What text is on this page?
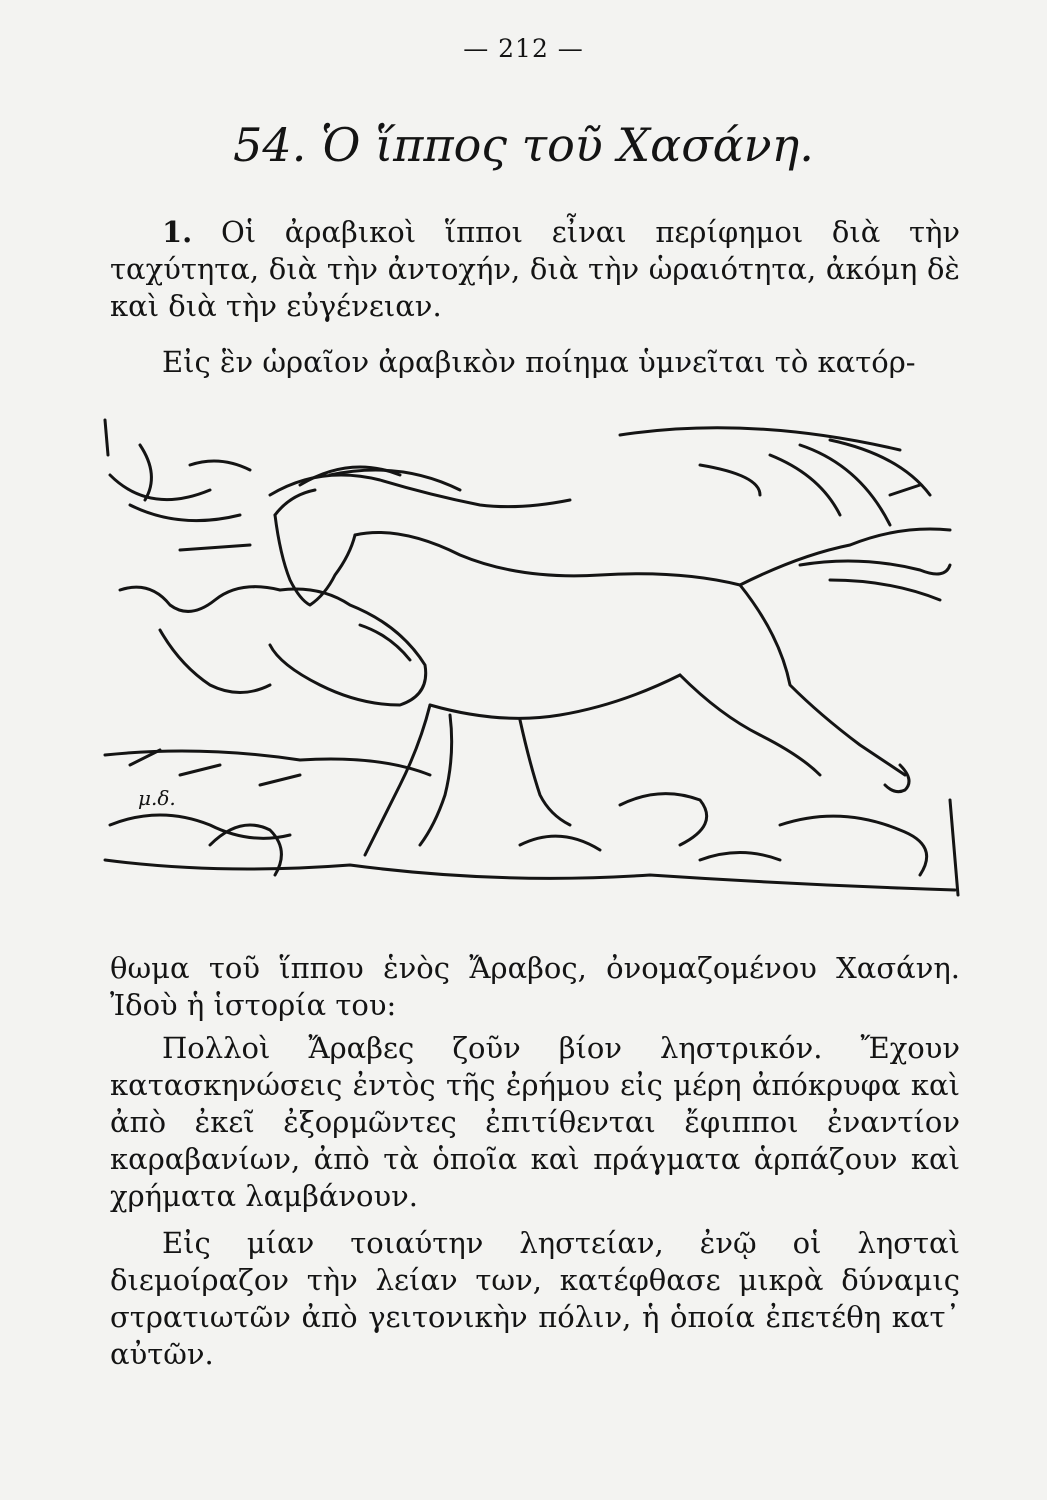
— 212 —
54. Ὁ ἵππος τοῦ Χασάνη.

1. Οἱ ἀραβικοὶ ἵπποι εἶναι περίφημοι διὰ τὴν ταχύτητα, διὰ τὴν ἀντοχήν, διὰ τὴν ὡραιότητα, ἀκόμη δὲ καὶ διὰ τὴν εὐγένειαν.

Εἰς ἓν ὡραῖον ἀραβικὸν ποίημα ὑμνεῖται τὸ κατόρ-

μ.δ.

θωμα τοῦ ἵππου ἑνὸς Ἄραβος, ὀνομαζομένου Χασάνη. Ἰδοὺ ἡ ἱστορία του:

Πολλοὶ Ἄραβες ζοῦν βίον ληστρικόν. Ἔχουν κατασκηνώσεις ἐντὸς τῆς ἐρήμου εἰς μέρη ἀπόκρυφα καὶ ἀπὸ ἐκεῖ ἐξορμῶντες ἐπιτίθενται ἔφιπποι ἐναντίον καραβανίων, ἀπὸ τὰ ὁποῖα καὶ πράγματα ἁρπάζουν καὶ χρήματα λαμβάνουν.

Εἰς μίαν τοιαύτην ληστείαν, ἐνῷ οἱ λησταὶ διεμοίραζον τὴν λείαν των, κατέφθασε μικρὰ δύναμις στρατιωτῶν ἀπὸ γειτονικὴν πόλιν, ἡ ὁποία ἐπετέθη κατ᾿ αὐτῶν.
